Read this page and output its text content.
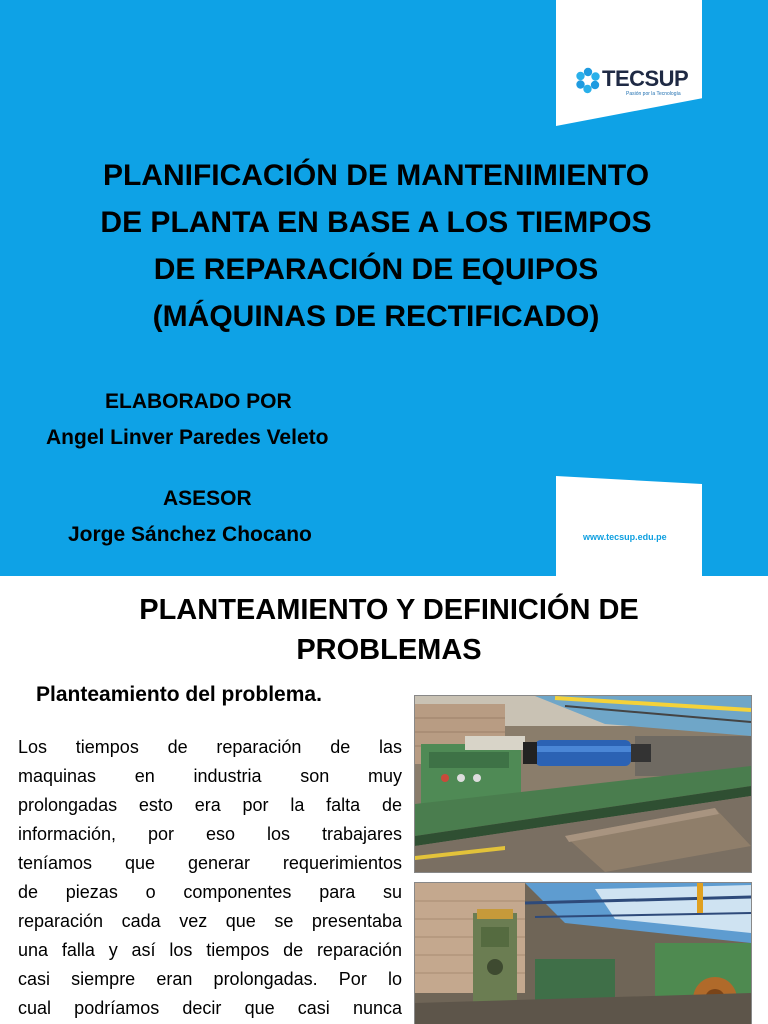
TECSUP
Pasión por la Tecnología
PLANIFICACIÓN DE MANTENIMIENTO
DE PLANTA EN BASE A LOS TIEMPOS
DE REPARACIÓN DE EQUIPOS
(MÁQUINAS DE RECTIFICADO)
ELABORADO POR
Angel Linver Paredes Veleto
ASESOR
Jorge Sánchez Chocano	www.tecsup.edu.pe
PLANTEAMIENTO Y DEFINICIÓN DE
PROBLEMAS
Planteamiento del problema.

Los tiempos de reparación de las
maquinas en industria son muy
prolongadas esto era por la falta de
información, por eso los trabajares
teníamos que generar requerimientos
de piezas o componentes para su
reparación cada vez que se presentaba
una falla y así los tiempos de reparación
casi siempre eran prolongadas. Por lo
cual podríamos decir que casi nunca
